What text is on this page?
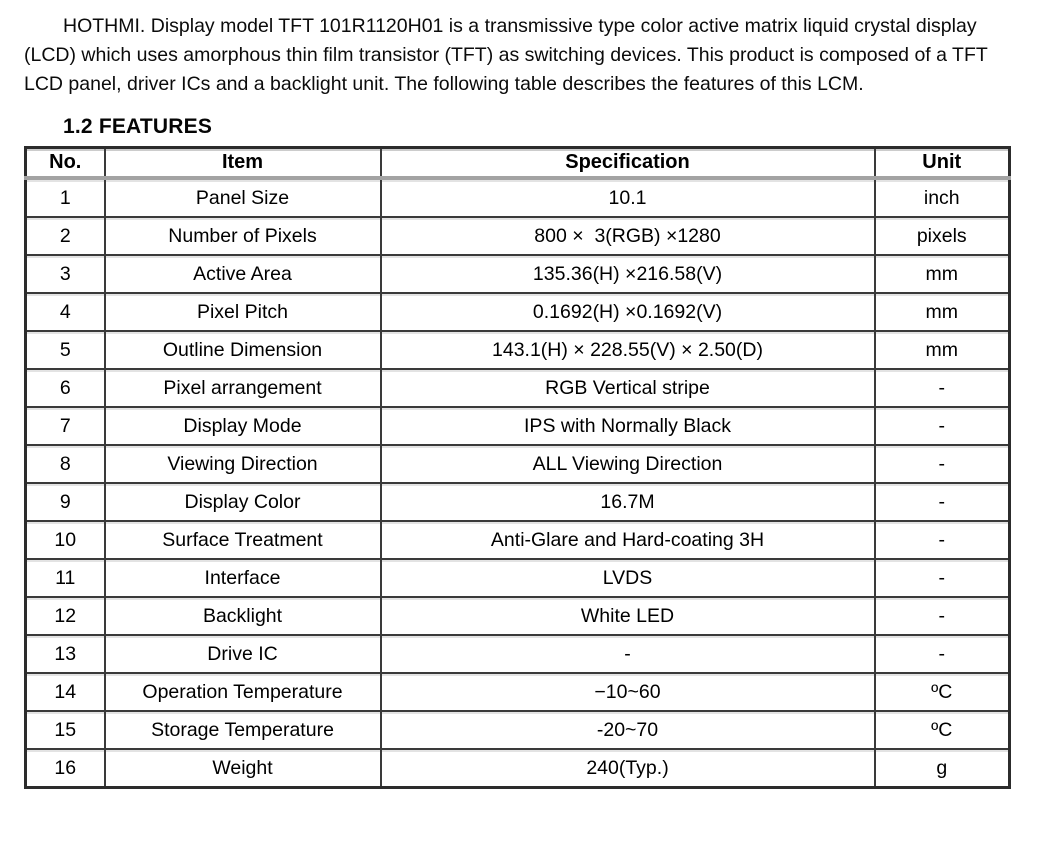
HOTHMI. Display model TFT 101R1120H01 is a transmissive type color active matrix liquid crystal display (LCD) which uses amorphous thin film transistor (TFT) as switching devices. This product is composed of a TFT LCD panel, driver ICs and a backlight unit. The following table describes the features of this LCM.

1.2 FEATURES
No.	Item	Specification	Unit
1	Panel Size	10.1	inch
2	Number of Pixels	800 ×  3(RGB) ×1280	pixels
3	Active Area	135.36(H) ×216.58(V)	mm
4	Pixel Pitch	0.1692(H) ×0.1692(V)	mm
5	Outline Dimension	143.1(H) × 228.55(V) × 2.50(D)	mm
6	Pixel arrangement	RGB Vertical stripe	-
7	Display Mode	IPS with Normally Black	-
8	Viewing Direction	ALL Viewing Direction	-
9	Display Color	16.7M	-
10	Surface Treatment	Anti-Glare and Hard-coating 3H	-
11	Interface	LVDS	-
12	Backlight	White LED	-
13	Drive IC	-	-
14	Operation Temperature	−10~60	ºC
15	Storage Temperature	-20~70	ºC
16	Weight	240(Typ.)	g
